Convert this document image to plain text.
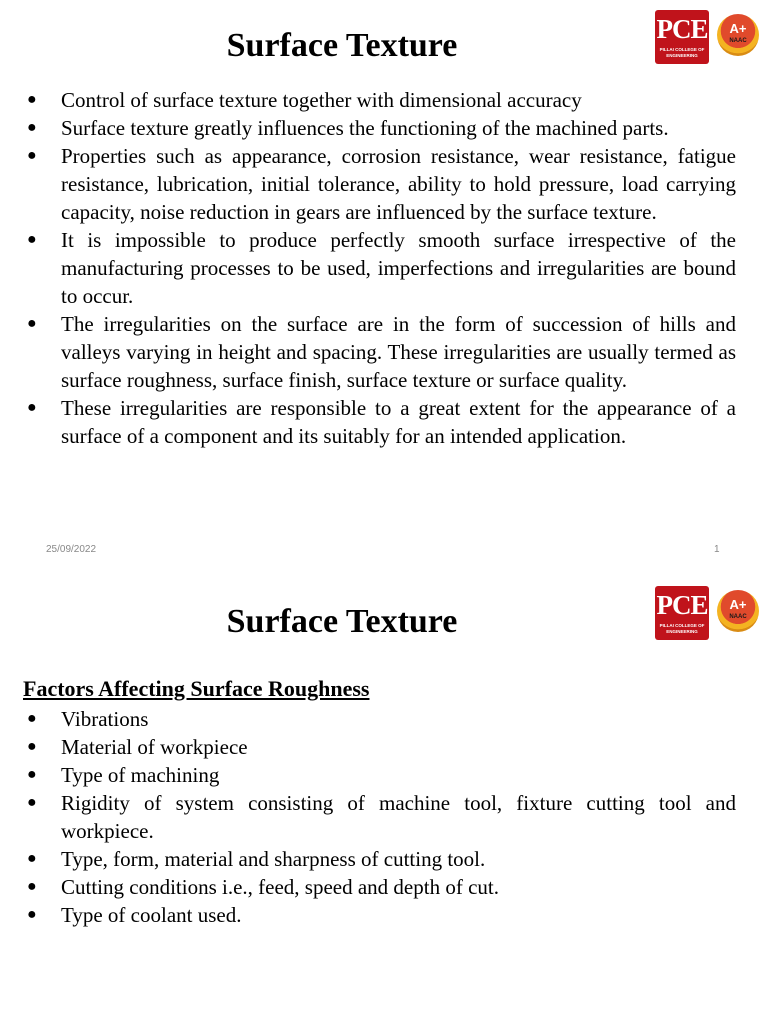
Surface Texture	PCE
PILLAI COLLEGE OF ENGINEERING
A+
NAAC
● Control of surface texture together with dimensional accuracy
● Surface texture greatly influences the functioning of the machined parts.
● Properties such as appearance, corrosion resistance, wear resistance, fatigue resistance, lubrication, initial tolerance, ability to hold pressure, load carrying capacity, noise reduction in gears are influenced by the surface texture.
● It is impossible to produce perfectly smooth surface irrespective of the manufacturing processes to be used, imperfections and irregularities are bound to occur.
● The irregularities on the surface are in the form of succession of hills and valleys varying in height and spacing. These irregularities are usually termed as surface roughness, surface finish, surface texture or surface quality.
● These irregularities are responsible to a great extent for the appearance of a surface of a component and its suitably for an intended application.
25/09/2022	1
Surface Texture	PCE
PILLAI COLLEGE OF ENGINEERING
A+
NAAC
Factors Affecting Surface Roughness
● Vibrations
● Material of workpiece
● Type of machining
● Rigidity of system consisting of machine tool, fixture cutting tool and workpiece.
● Type, form, material and sharpness of cutting tool.
● Cutting conditions i.e., feed, speed and depth of cut.
● Type of coolant used.
